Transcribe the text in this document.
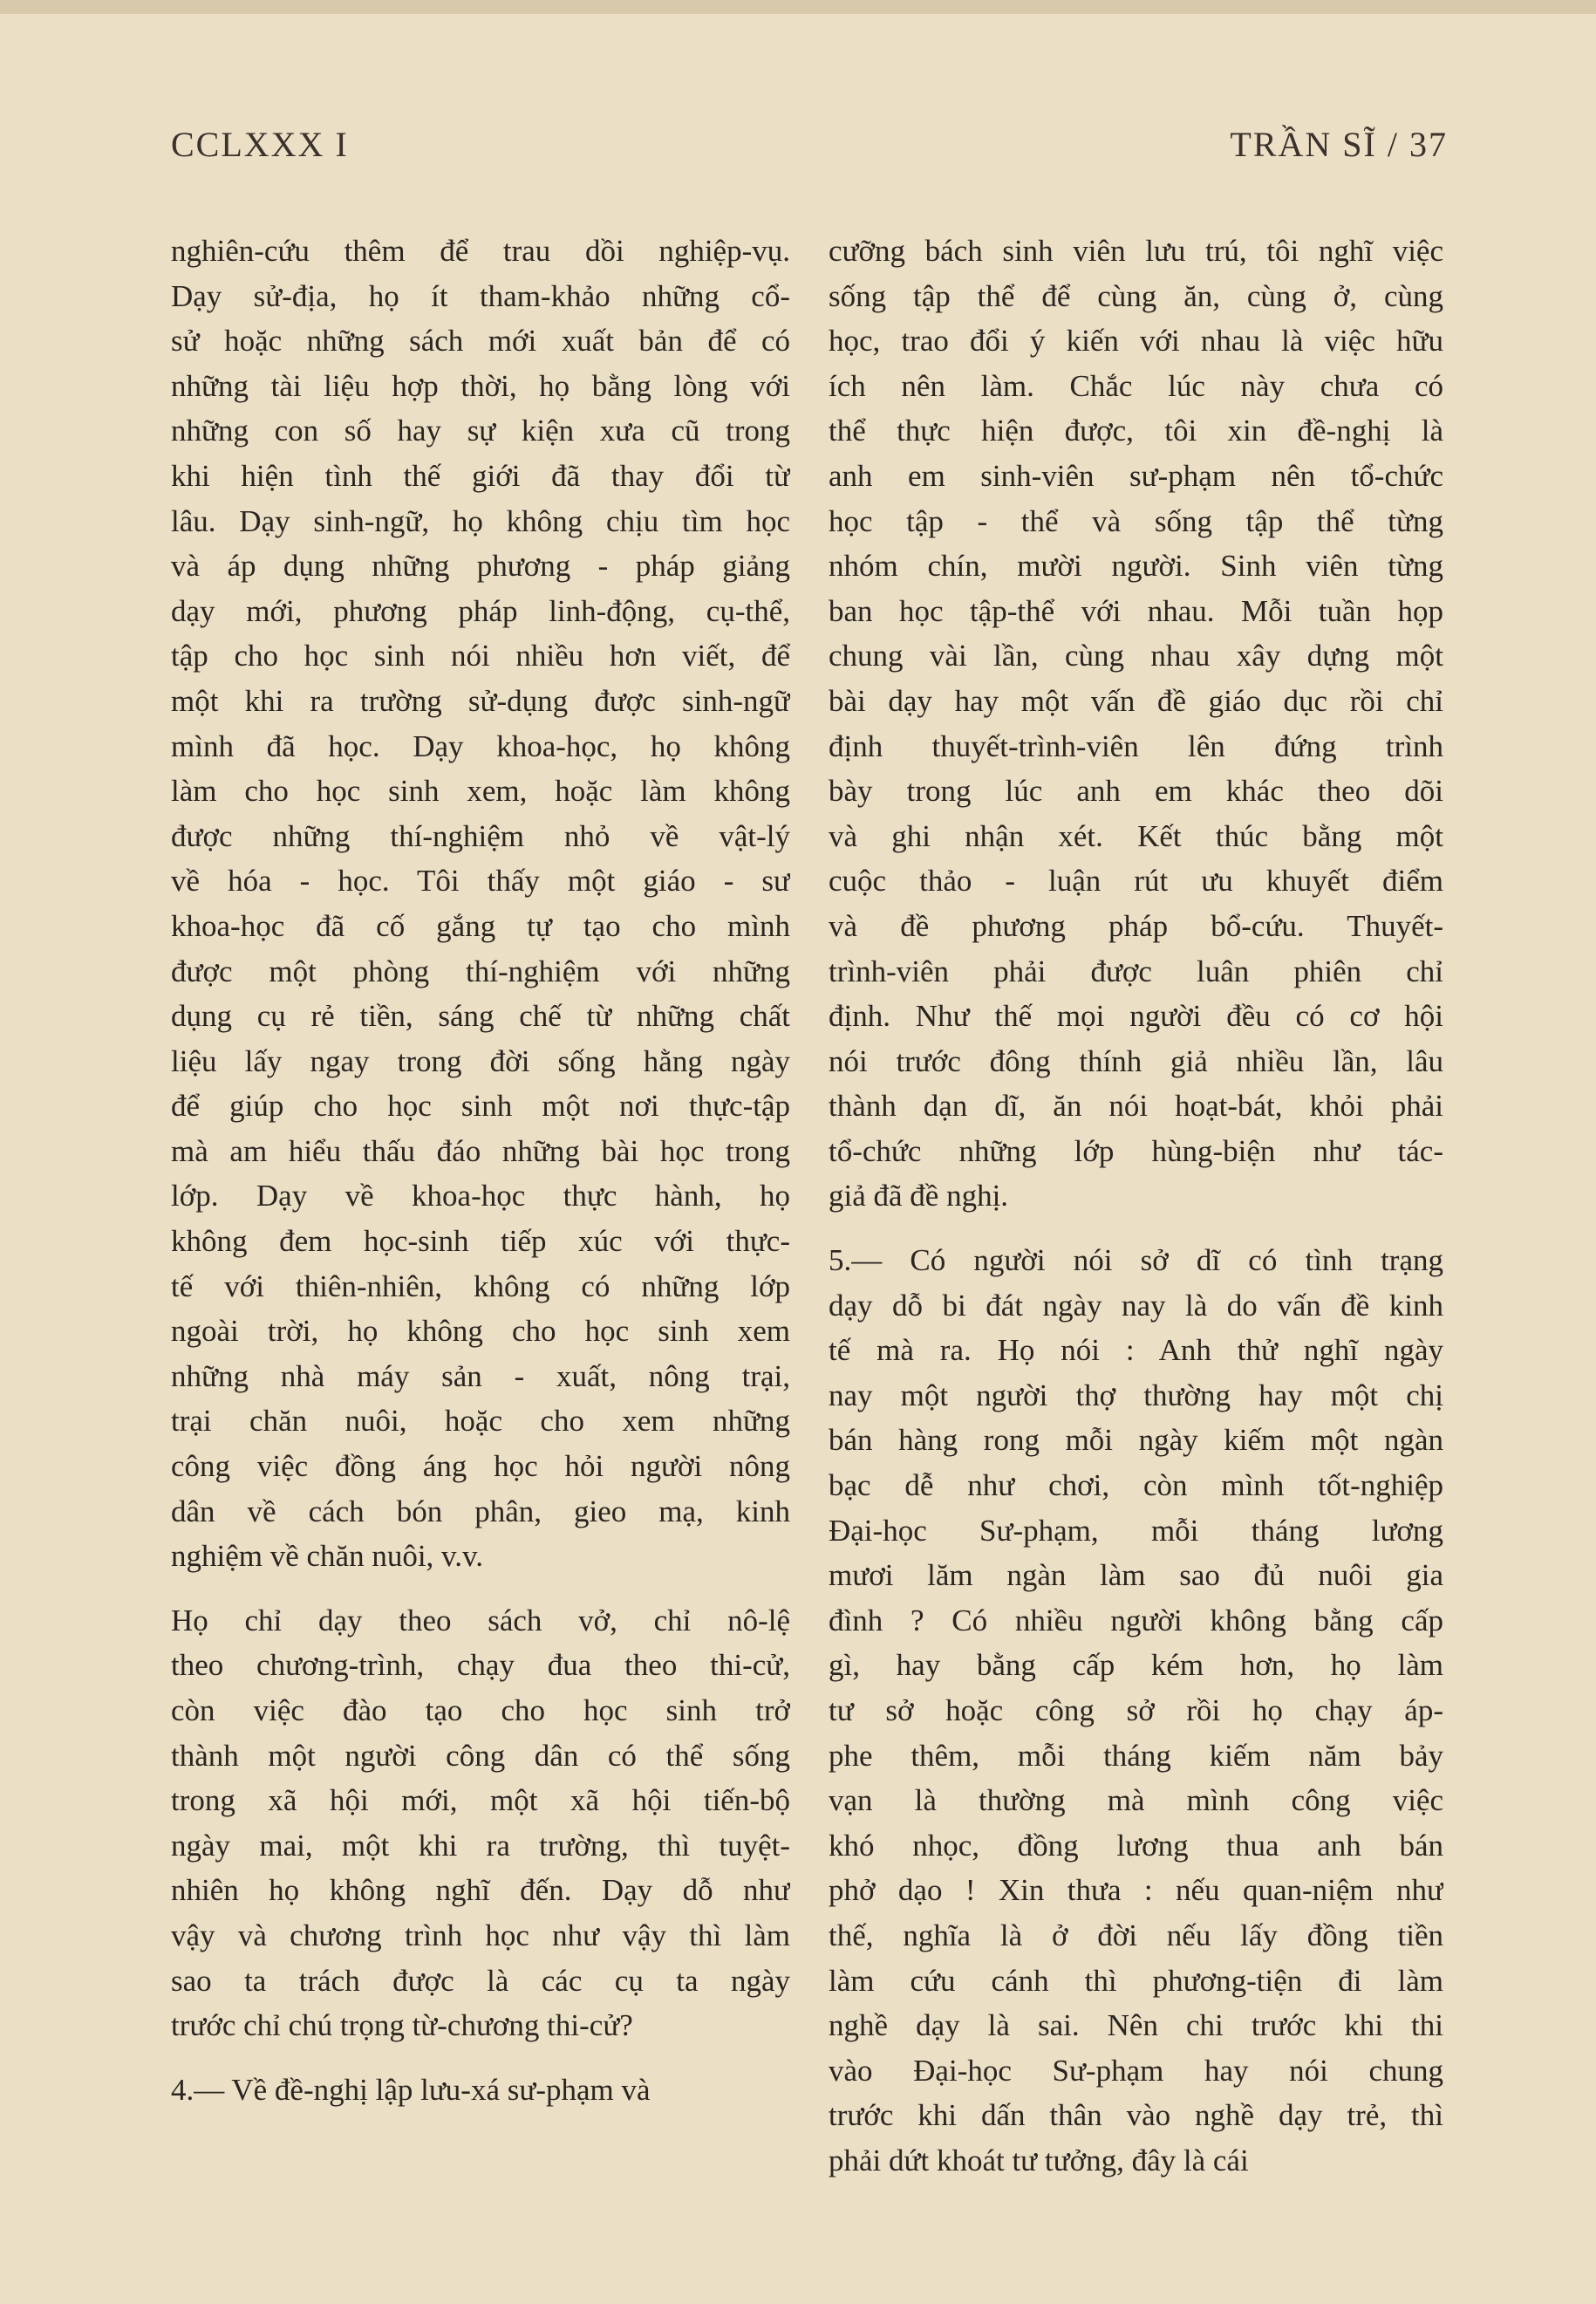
CCLXXX I	TRẦN SĨ / 37
nghiên-cứu thêm để trau dồi nghiệp-vụ.
Dạy sử-địa, họ ít tham-khảo những cổ-
sử hoặc những sách mới xuất bản để có
những tài liệu hợp thời, họ bằng lòng với
những con số hay sự kiện xưa cũ trong
khi hiện tình thế giới đã thay đổi từ
lâu. Dạy sinh-ngữ, họ không chịu tìm học
và áp dụng những phương - pháp giảng
dạy mới, phương pháp linh-động, cụ-thể,
tập cho học sinh nói nhiều hơn viết, để
một khi ra trường sử-dụng được sinh-ngữ
mình đã học. Dạy khoa-học, họ không
làm cho học sinh xem, hoặc làm không
được những thí-nghiệm nhỏ về vật-lý
về hóa - học. Tôi thấy một giáo - sư
khoa-học đã cố gắng tự tạo cho mình
được một phòng thí-nghiệm với những
dụng cụ rẻ tiền, sáng chế từ những chất
liệu lấy ngay trong đời sống hằng ngày
để giúp cho học sinh một nơi thực-tập
mà am hiểu thấu đáo những bài học trong
lớp. Dạy về khoa-học thực hành, họ
không đem học-sinh tiếp xúc với thực-
tế với thiên-nhiên, không có những lớp
ngoài trời, họ không cho học sinh xem
những nhà máy sản - xuất, nông trại,
trại chăn nuôi, hoặc cho xem những
công việc đồng áng học hỏi người nông
dân về cách bón phân, gieo mạ, kinh
nghiệm về chăn nuôi, v.v.
Họ chỉ dạy theo sách vở, chỉ nô-lệ
theo chương-trình, chạy đua theo thi-cử,
còn việc đào tạo cho học sinh trở
thành một người công dân có thể sống
trong xã hội mới, một xã hội tiến-bộ
ngày mai, một khi ra trường, thì tuyệt-
nhiên họ không nghĩ đến. Dạy dỗ như
vậy và chương trình học như vậy thì làm
sao ta trách được là các cụ ta ngày
trước chỉ chú trọng từ-chương thi-cử?
4.— Về đề-nghị lập lưu-xá sư-phạm và
cưỡng bách sinh viên lưu trú, tôi nghĩ việc
sống tập thể để cùng ăn, cùng ở, cùng
học, trao đổi ý kiến với nhau là việc hữu
ích nên làm. Chắc lúc này chưa có
thể thực hiện được, tôi xin đề-nghị là
anh em sinh-viên sư-phạm nên tổ-chức
học tập - thể và sống tập thể từng
nhóm chín, mười người. Sinh viên từng
ban học tập-thể với nhau. Mỗi tuần họp
chung vài lần, cùng nhau xây dựng một
bài dạy hay một vấn đề giáo dục rồi chỉ
định thuyết-trình-viên lên đứng trình
bày trong lúc anh em khác theo dõi
và ghi nhận xét. Kết thúc bằng một
cuộc thảo - luận rút ưu khuyết điểm
và đề phương pháp bổ-cứu. Thuyết-
trình-viên phải được luân phiên chỉ
định. Như thế mọi người đều có cơ hội
nói trước đông thính giả nhiều lần, lâu
thành dạn dĩ, ăn nói hoạt-bát, khỏi phải
tổ-chức những lớp hùng-biện như tác-
giả đã đề nghị.
5.— Có người nói sở dĩ có tình trạng
dạy dỗ bi đát ngày nay là do vấn đề kinh
tế mà ra. Họ nói : Anh thử nghĩ ngày
nay một người thợ thường hay một chị
bán hàng rong mỗi ngày kiếm một ngàn
bạc dễ như chơi, còn mình tốt-nghiệp
Đại-học Sư-phạm, mỗi tháng lương
mươi lăm ngàn làm sao đủ nuôi gia
đình ? Có nhiều người không bằng cấp
gì, hay bằng cấp kém hơn, họ làm
tư sở hoặc công sở rồi họ chạy áp-
phe thêm, mỗi tháng kiếm năm bảy
vạn là thường mà mình công việc
khó nhọc, đồng lương thua anh bán
phở dạo ! Xin thưa : nếu quan-niệm như
thế, nghĩa là ở đời nếu lấy đồng tiền
làm cứu cánh thì phương-tiện đi làm
nghề dạy là sai. Nên chi trước khi thi
vào Đại-học Sư-phạm hay nói chung
trước khi dấn thân vào nghề dạy trẻ, thì
phải dứt khoát tư tưởng, đây là cái
